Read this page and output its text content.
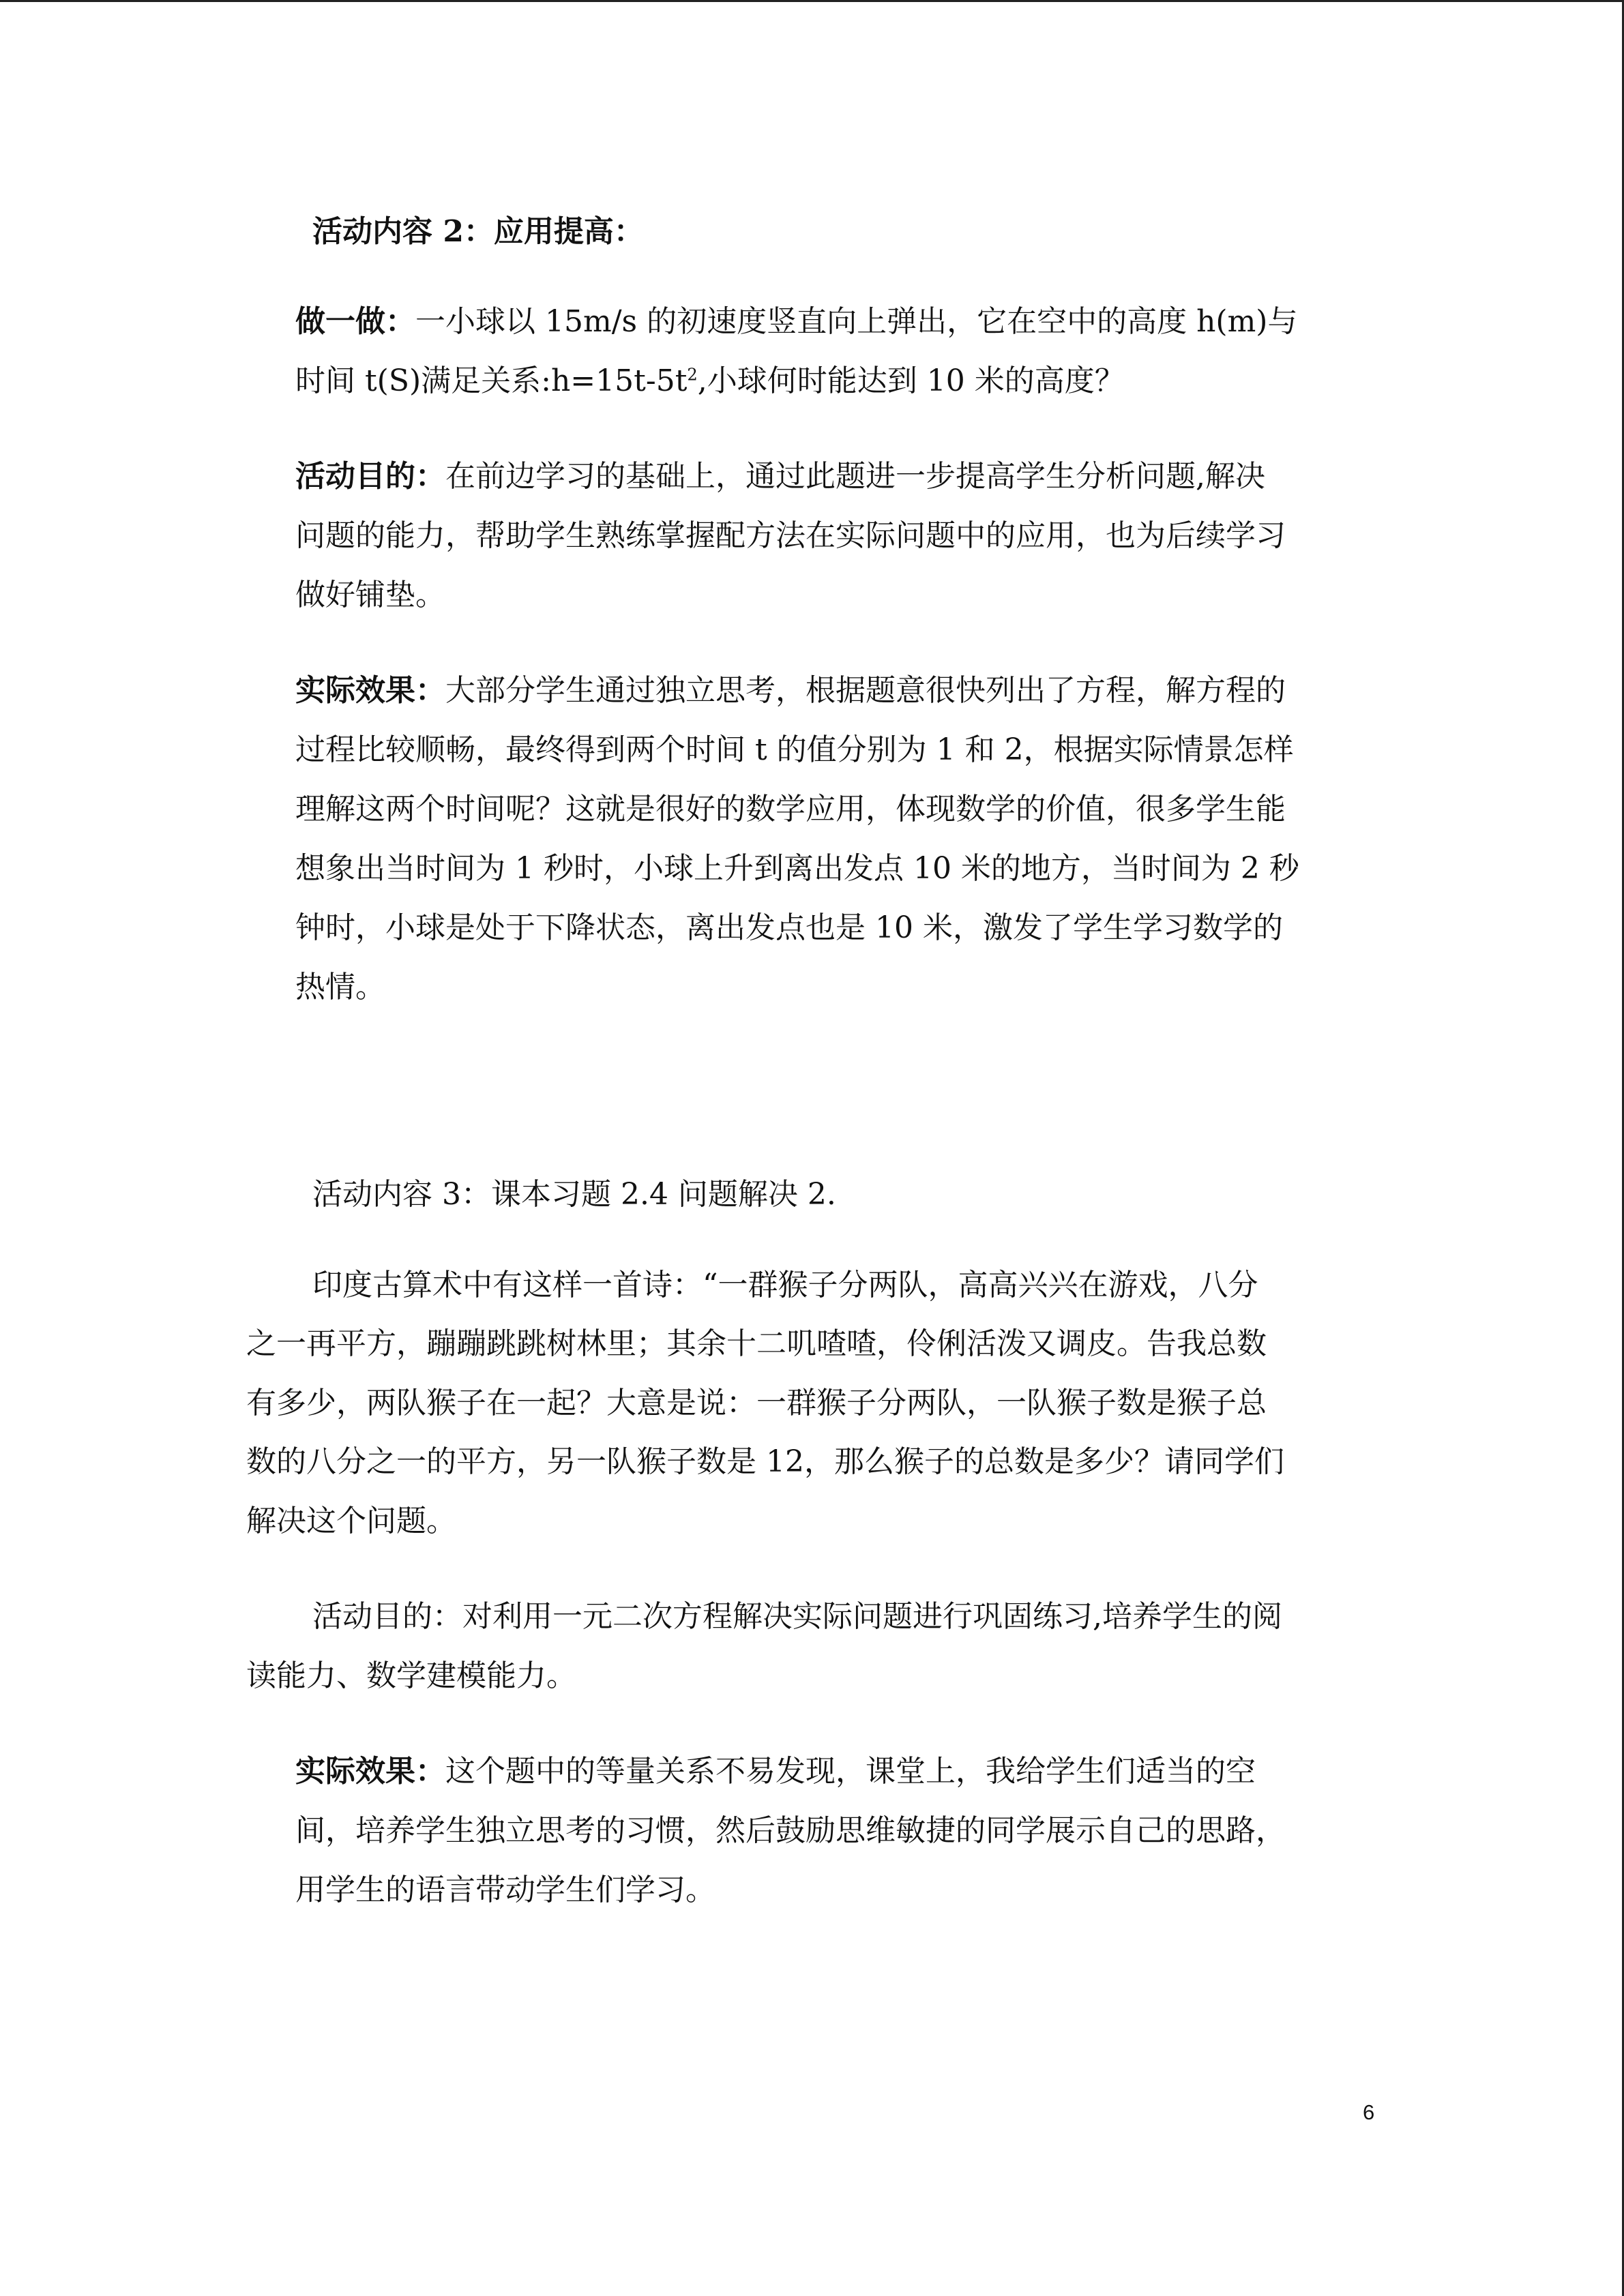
活动内容 2：应用提高：

做一做：一小球以 15m/s 的初速度竖直向上弹出，它在空中的高度 h(m)与

时间 t(S)满足关系$:h=15t-5t^2$,小球何时能达到 10 米的高度？

活动目的：在前边学习的基础上，通过此题进一步提高学生分析问题,解决

问题的能力，帮助学生熟练掌握配方法在实际问题中的应用，也为后续学习

做好铺垫。

实际效果：大部分学生通过独立思考，根据题意很快列出了方程，解方程的

过程比较顺畅，最终得到两个时间 t 的值分别为 1 和 2，根据实际情景怎样

理解这两个时间呢？这就是很好的数学应用，体现数学的价值，很多学生能

想象出当时间为 1 秒时，小球上升到离出发点 10 米的地方，当时间为 2 秒

钟时，小球是处于下降状态，离出发点也是 10 米，激发了学生学习数学的

热情。

活动内容 3：课本习题 2.4 问题解决 2.

印度古算术中有这样一首诗：“一群猴子分两队，高高兴兴在游戏，八分

之一再平方，蹦蹦跳跳树林里；其余十二叽喳喳，伶俐活泼又调皮。告我总数

有多少，两队猴子在一起？大意是说：一群猴子分两队，一队猴子数是猴子总

数的八分之一的平方，另一队猴子数是 12，那么猴子的总数是多少？请同学们

解决这个问题。

活动目的：对利用一元二次方程解决实际问题进行巩固练习,培养学生的阅

读能力、数学建模能力。

实际效果：这个题中的等量关系不易发现，课堂上，我给学生们适当的空

间，培养学生独立思考的习惯，然后鼓励思维敏捷的同学展示自己的思路，

用学生的语言带动学生们学习。

6
